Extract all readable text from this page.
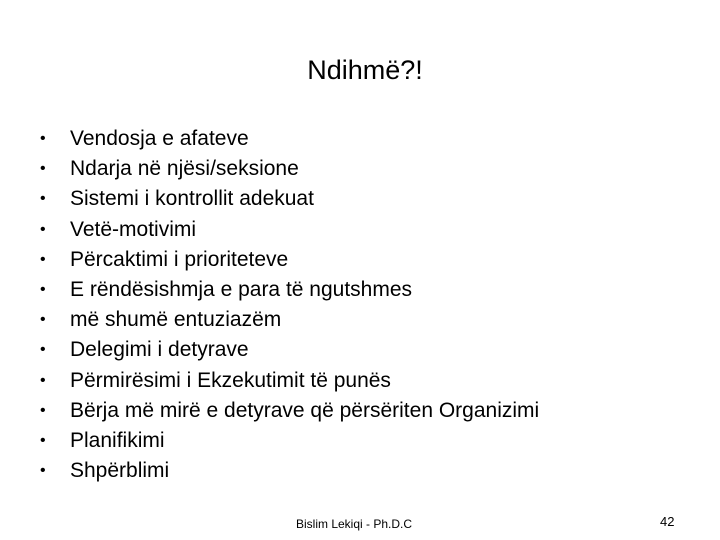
Ndihmë?!
•	Vendosja e afateve
•	Ndarja në njësi/seksione
•	Sistemi i kontrollit adekuat
•	Vetë-motivimi
•	Përcaktimi i prioriteteve
•	E rëndësishmja e para të ngutshmes
•	më shumë entuziazëm
•	Delegimi i detyrave
•	Përmirësimi i Ekzekutimit të punës
•	Bërja më mirë e detyrave që përsëriten Organizimi
•	Planifikimi
•	Shpërblimi
Bislim Lekiqi - Ph.D.C	42
